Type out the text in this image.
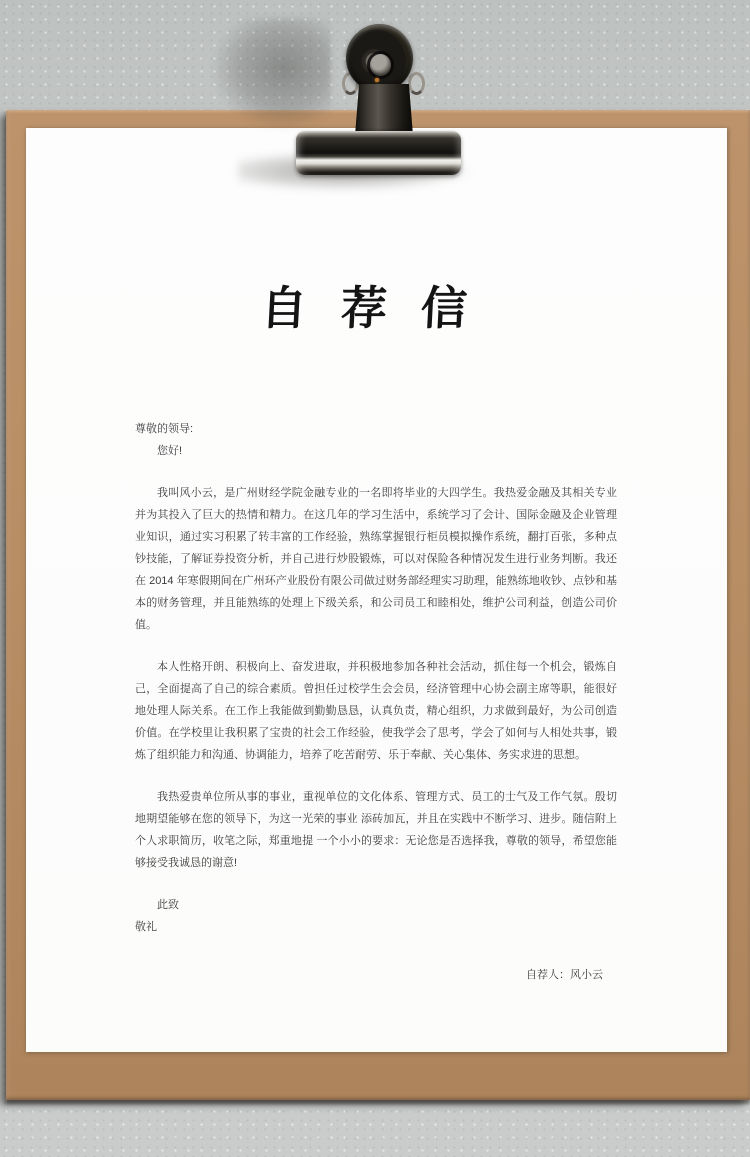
自 荐 信

尊敬的领导:

您好!

我叫风小云，是广州财经学院金融专业的一名即将毕业的大四学生。我热爱金融及其相关专业并为其投入了巨大的热情和精力。在这几年的学习生活中，系统学习了会计、国际金融及企业管理业知识，通过实习积累了转丰富的工作经验，熟练掌握银行柜员模拟操作系统，翻打百张，多种点钞技能，了解证券投资分析，并自己进行炒股锻炼，可以对保险各种情况发生进行业务判断。我还在 2014 年寒假期间在广州环产业股份有限公司做过财务部经理实习助理，能熟练地收钞、点钞和基本的财务管理，并且能熟练的处理上下级关系，和公司员工和睦相处，维护公司利益，创造公司价值。

本人性格开朗、积极向上、奋发进取，并积极地参加各种社会活动，抓住每一个机会，锻炼自己，全面提高了自己的综合素质。曾担任过校学生会会员，经济管理中心协会副主席等职，能很好地处理人际关系。在工作上我能做到勤勤恳恳，认真负责，精心组织，力求做到最好，为公司创造价值。在学校里让我积累了宝贵的社会工作经验，使我学会了思考，学会了如何与人相处共事，锻炼了组织能力和沟通、协调能力，培养了吃苦耐劳、乐于奉献、关心集体、务实求进的思想。

我热爱贵单位所从事的事业，重视单位的文化体系、管理方式、员工的士气及工作气氛。殷切地期望能够在您的领导下，为这一光荣的事业 添砖加瓦，并且在实践中不断学习、进步。随信附上个人求职简历，收笔之际，郑重地提 一个小小的要求：无论您是否选择我，尊敬的领导，希望您能够接受我诚恳的谢意!

此致

敬礼

自荐人：风小云
